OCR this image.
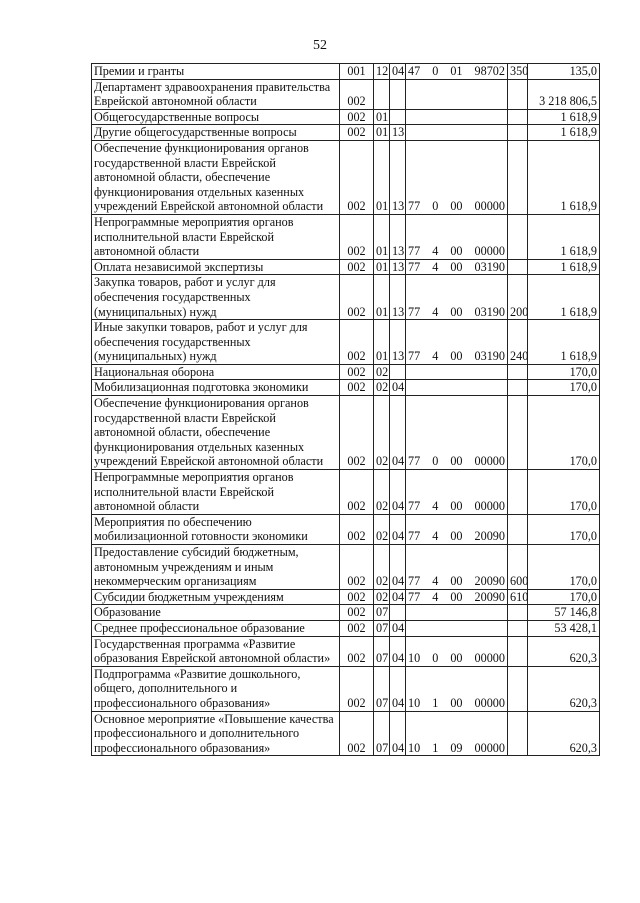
52
Премии и гранты	001	12	04	47 0 01 98702	350	135,0
Департамент здравоохранения правительства Еврейской автономной области	002					3 218 806,5
Общегосударственные вопросы	002	01				1 618,9
Другие общегосударственные вопросы	002	01	13			1 618,9
Обеспечение функционирования органов государственной власти Еврейской автономной области, обеспечение функционирования отдельных казенных учреждений Еврейской автономной области	002	01	13	77 0 00 00000		1 618,9
Непрограммные мероприятия органов исполнительной власти Еврейской автономной области	002	01	13	77 4 00 00000		1 618,9
Оплата независимой экспертизы	002	01	13	77 4 00 03190		1 618,9
Закупка товаров, работ и услуг для обеспечения государственных (муниципальных) нужд	002	01	13	77 4 00 03190	200	1 618,9
Иные закупки товаров, работ и услуг для обеспечения государственных (муниципальных) нужд	002	01	13	77 4 00 03190	240	1 618,9
Национальная оборона	002	02				170,0
Мобилизационная подготовка экономики	002	02	04			170,0
Обеспечение функционирования органов государственной власти Еврейской автономной области, обеспечение функционирования отдельных казенных учреждений Еврейской автономной области	002	02	04	77 0 00 00000		170,0
Непрограммные мероприятия органов исполнительной власти Еврейской автономной области	002	02	04	77 4 00 00000		170,0
Мероприятия по обеспечению мобилизационной готовности экономики	002	02	04	77 4 00 20090		170,0
Предоставление субсидий бюджетным, автономным учреждениям и иным некоммерческим организациям	002	02	04	77 4 00 20090	600	170,0
Субсидии бюджетным учреждениям	002	02	04	77 4 00 20090	610	170,0
Образование	002	07				57 146,8
Среднее профессиональное образование	002	07	04			53 428,1
Государственная программа «Развитие образования Еврейской автономной области»	002	07	04	10 0 00 00000		620,3
Подпрограмма «Развитие дошкольного, общего, дополнительного и профессионального образования»	002	07	04	10 1 00 00000		620,3
Основное мероприятие «Повышение качества профессионального и дополнительного профессионального образования»	002	07	04	10 1 09 00000		620,3
